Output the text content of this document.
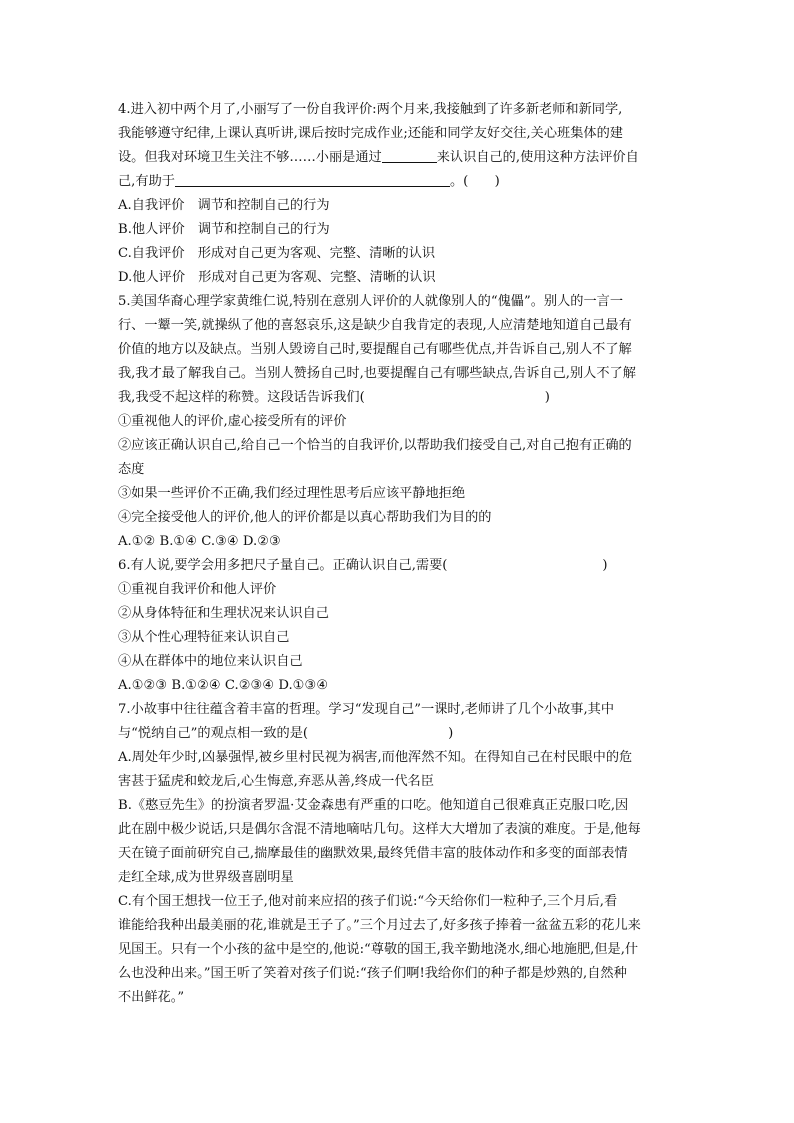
4.进入初中两个月了,小丽写了一份自我评价:两个月来,我接触到了许多新老师和新同学,
我能够遵守纪律,上课认真听讲,课后按时完成作业;还能和同学友好交往,关心班集体的建
设。但我对环境卫生关注不够……小丽是通过	来认识自己的,使用这种方法评价自
己,有助于	。(　　)
A.自我评价　调节和控制自己的行为
B.他人评价　调节和控制自己的行为
C.自我评价　形成对自己更为客观、完整、清晰的认识
D.他人评价　形成对自己更为客观、完整、清晰的认识
5.美国华裔心理学家黄维仁说,特别在意别人评价的人就像别人的“傀儡”。别人的一言一
行、一颦一笑,就操纵了他的喜怒哀乐,这是缺少自我肯定的表现,人应清楚地知道自己最有
价值的地方以及缺点。当别人毁谤自己时,要提醒自己有哪些优点,并告诉自己,别人不了解
我,我才最了解我自己。当别人赞扬自己时,也要提醒自己有哪些缺点,告诉自己,别人不了解
我,我受不起这样的称赞。这段话告诉我们(	)
①重视他人的评价,虚心接受所有的评价
②应该正确认识自己,给自己一个恰当的自我评价,以帮助我们接受自己,对自己抱有正确的
态度
③如果一些评价不正确,我们经过理性思考后应该平静地拒绝
④完全接受他人的评价,他人的评价都是以真心帮助我们为目的的
A.①② B.①④ C.③④ D.②③
6.有人说,要学会用多把尺子量自己。正确认识自己,需要(	)
①重视自我评价和他人评价
②从身体特征和生理状况来认识自己
③从个性心理特征来认识自己
④从在群体中的地位来认识自己
A.①②③ B.①②④ C.②③④ D.①③④
7.小故事中往往蕴含着丰富的哲理。学习“发现自己”一课时,老师讲了几个小故事,其中
与“悦纳自己”的观点相一致的是(	)
A.周处年少时,凶暴强悍,被乡里村民视为祸害,而他浑然不知。在得知自己在村民眼中的危
害甚于猛虎和蛟龙后,心生悔意,弃恶从善,终成一代名臣
B.《憨豆先生》的扮演者罗温·艾金森患有严重的口吃。他知道自己很难真正克服口吃,因
此在剧中极少说话,只是偶尔含混不清地嘀咕几句。这样大大增加了表演的难度。于是,他每
天在镜子面前研究自己,揣摩最佳的幽默效果,最终凭借丰富的肢体动作和多变的面部表情
走红全球,成为世界级喜剧明星
C.有个国王想找一位王子,他对前来应招的孩子们说:“今天给你们一粒种子,三个月后,看
谁能给我种出最美丽的花,谁就是王子了。”三个月过去了,好多孩子捧着一盆盆五彩的花儿来
见国王。只有一个小孩的盆中是空的,他说:“尊敬的国王,我辛勤地浇水,细心地施肥,但是,什
么也没种出来。”国王听了笑着对孩子们说:“孩子们啊!我给你们的种子都是炒熟的,自然种
不出鲜花。”
